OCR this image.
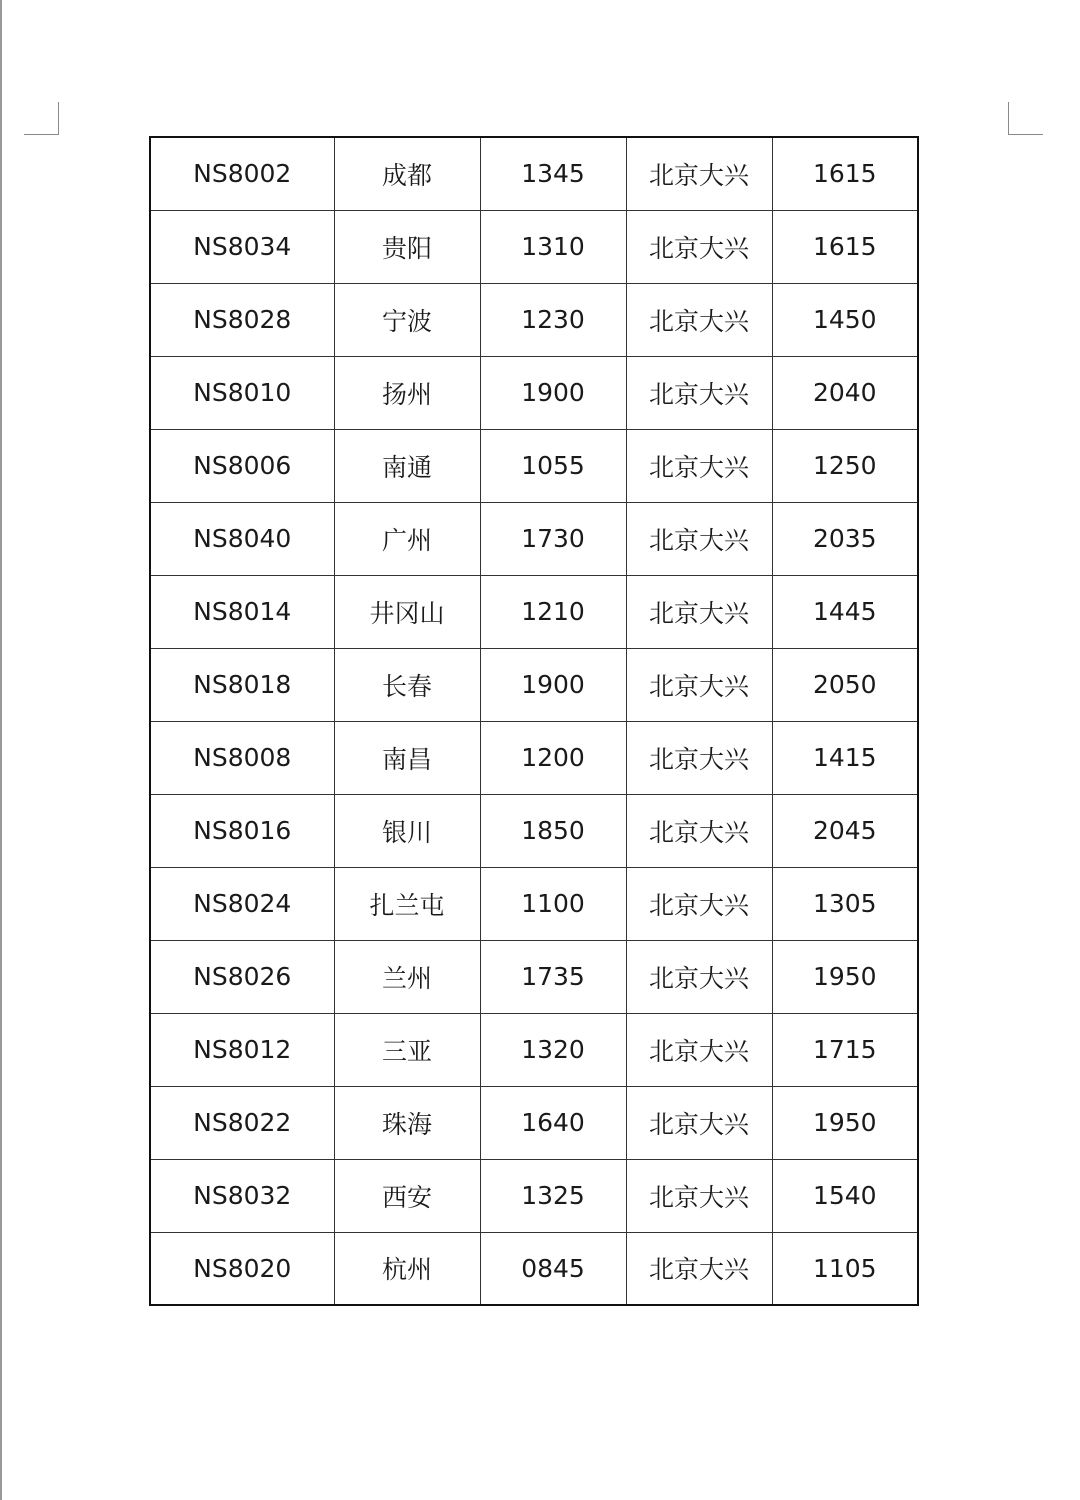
NS8002	成都	1345	北京大兴	1615
NS8034	贵阳	1310	北京大兴	1615
NS8028	宁波	1230	北京大兴	1450
NS8010	扬州	1900	北京大兴	2040
NS8006	南通	1055	北京大兴	1250
NS8040	广州	1730	北京大兴	2035
NS8014	井冈山	1210	北京大兴	1445
NS8018	长春	1900	北京大兴	2050
NS8008	南昌	1200	北京大兴	1415
NS8016	银川	1850	北京大兴	2045
NS8024	扎兰屯	1100	北京大兴	1305
NS8026	兰州	1735	北京大兴	1950
NS8012	三亚	1320	北京大兴	1715
NS8022	珠海	1640	北京大兴	1950
NS8032	西安	1325	北京大兴	1540
NS8020	杭州	0845	北京大兴	1105
